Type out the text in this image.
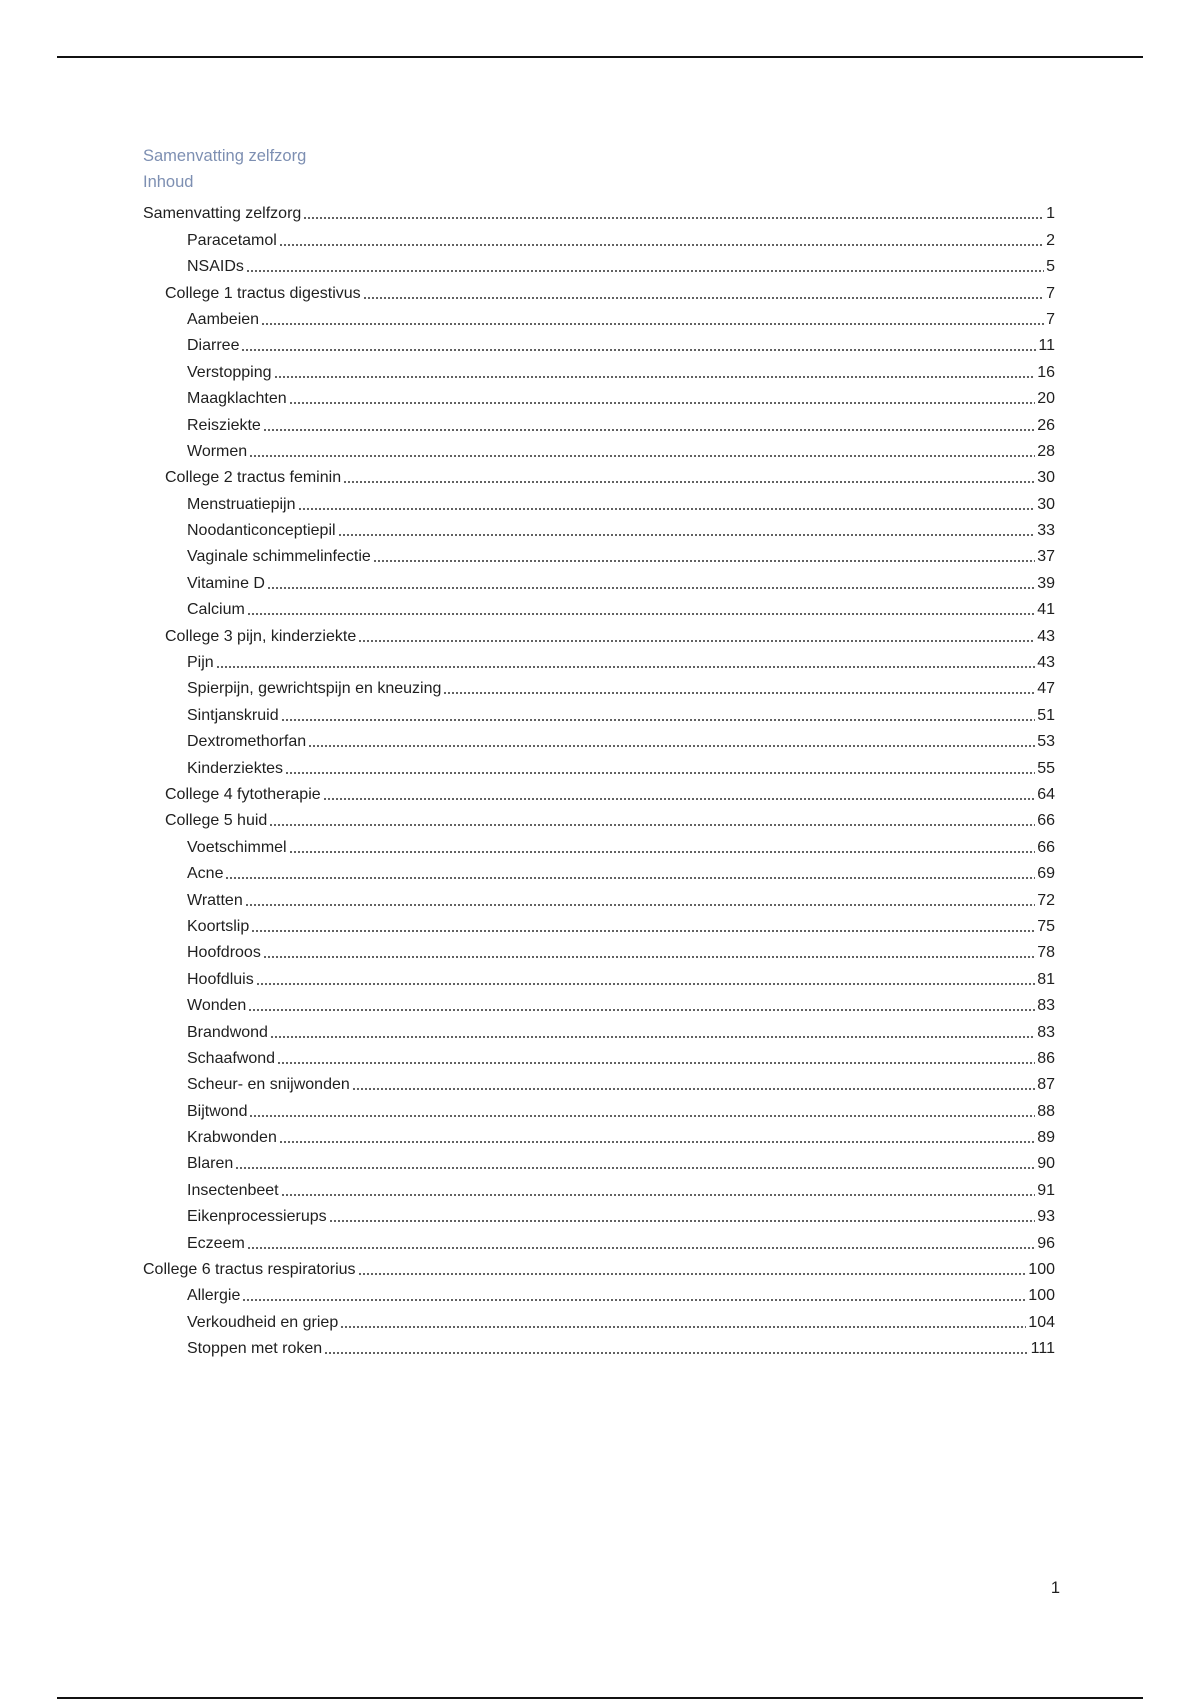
Samenvatting zelfzorg
Inhoud
Samenvatting zelfzorg	1
Paracetamol	2
NSAIDs	5
College 1 tractus digestivus	7
Aambeien	7
Diarree	11
Verstopping	16
Maagklachten	20
Reisziekte	26
Wormen	28
College 2 tractus feminin	30
Menstruatiepijn	30
Noodanticonceptiepil	33
Vaginale schimmelinfectie	37
Vitamine D	39
Calcium	41
College 3 pijn, kinderziekte	43
Pijn	43
Spierpijn, gewrichtspijn en kneuzing	47
Sintjanskruid	51
Dextromethorfan	53
Kinderziektes	55
College 4 fytotherapie	64
College 5 huid	66
Voetschimmel	66
Acne	69
Wratten	72
Koortslip	75
Hoofdroos	78
Hoofdluis	81
Wonden	83
Brandwond	83
Schaafwond	86
Scheur- en snijwonden	87
Bijtwond	88
Krabwonden	89
Blaren	90
Insectenbeet	91
Eikenprocessierups	93
Eczeem	96
College 6 tractus respiratorius	100
Allergie	100
Verkoudheid en griep	104
Stoppen met roken	111
1
